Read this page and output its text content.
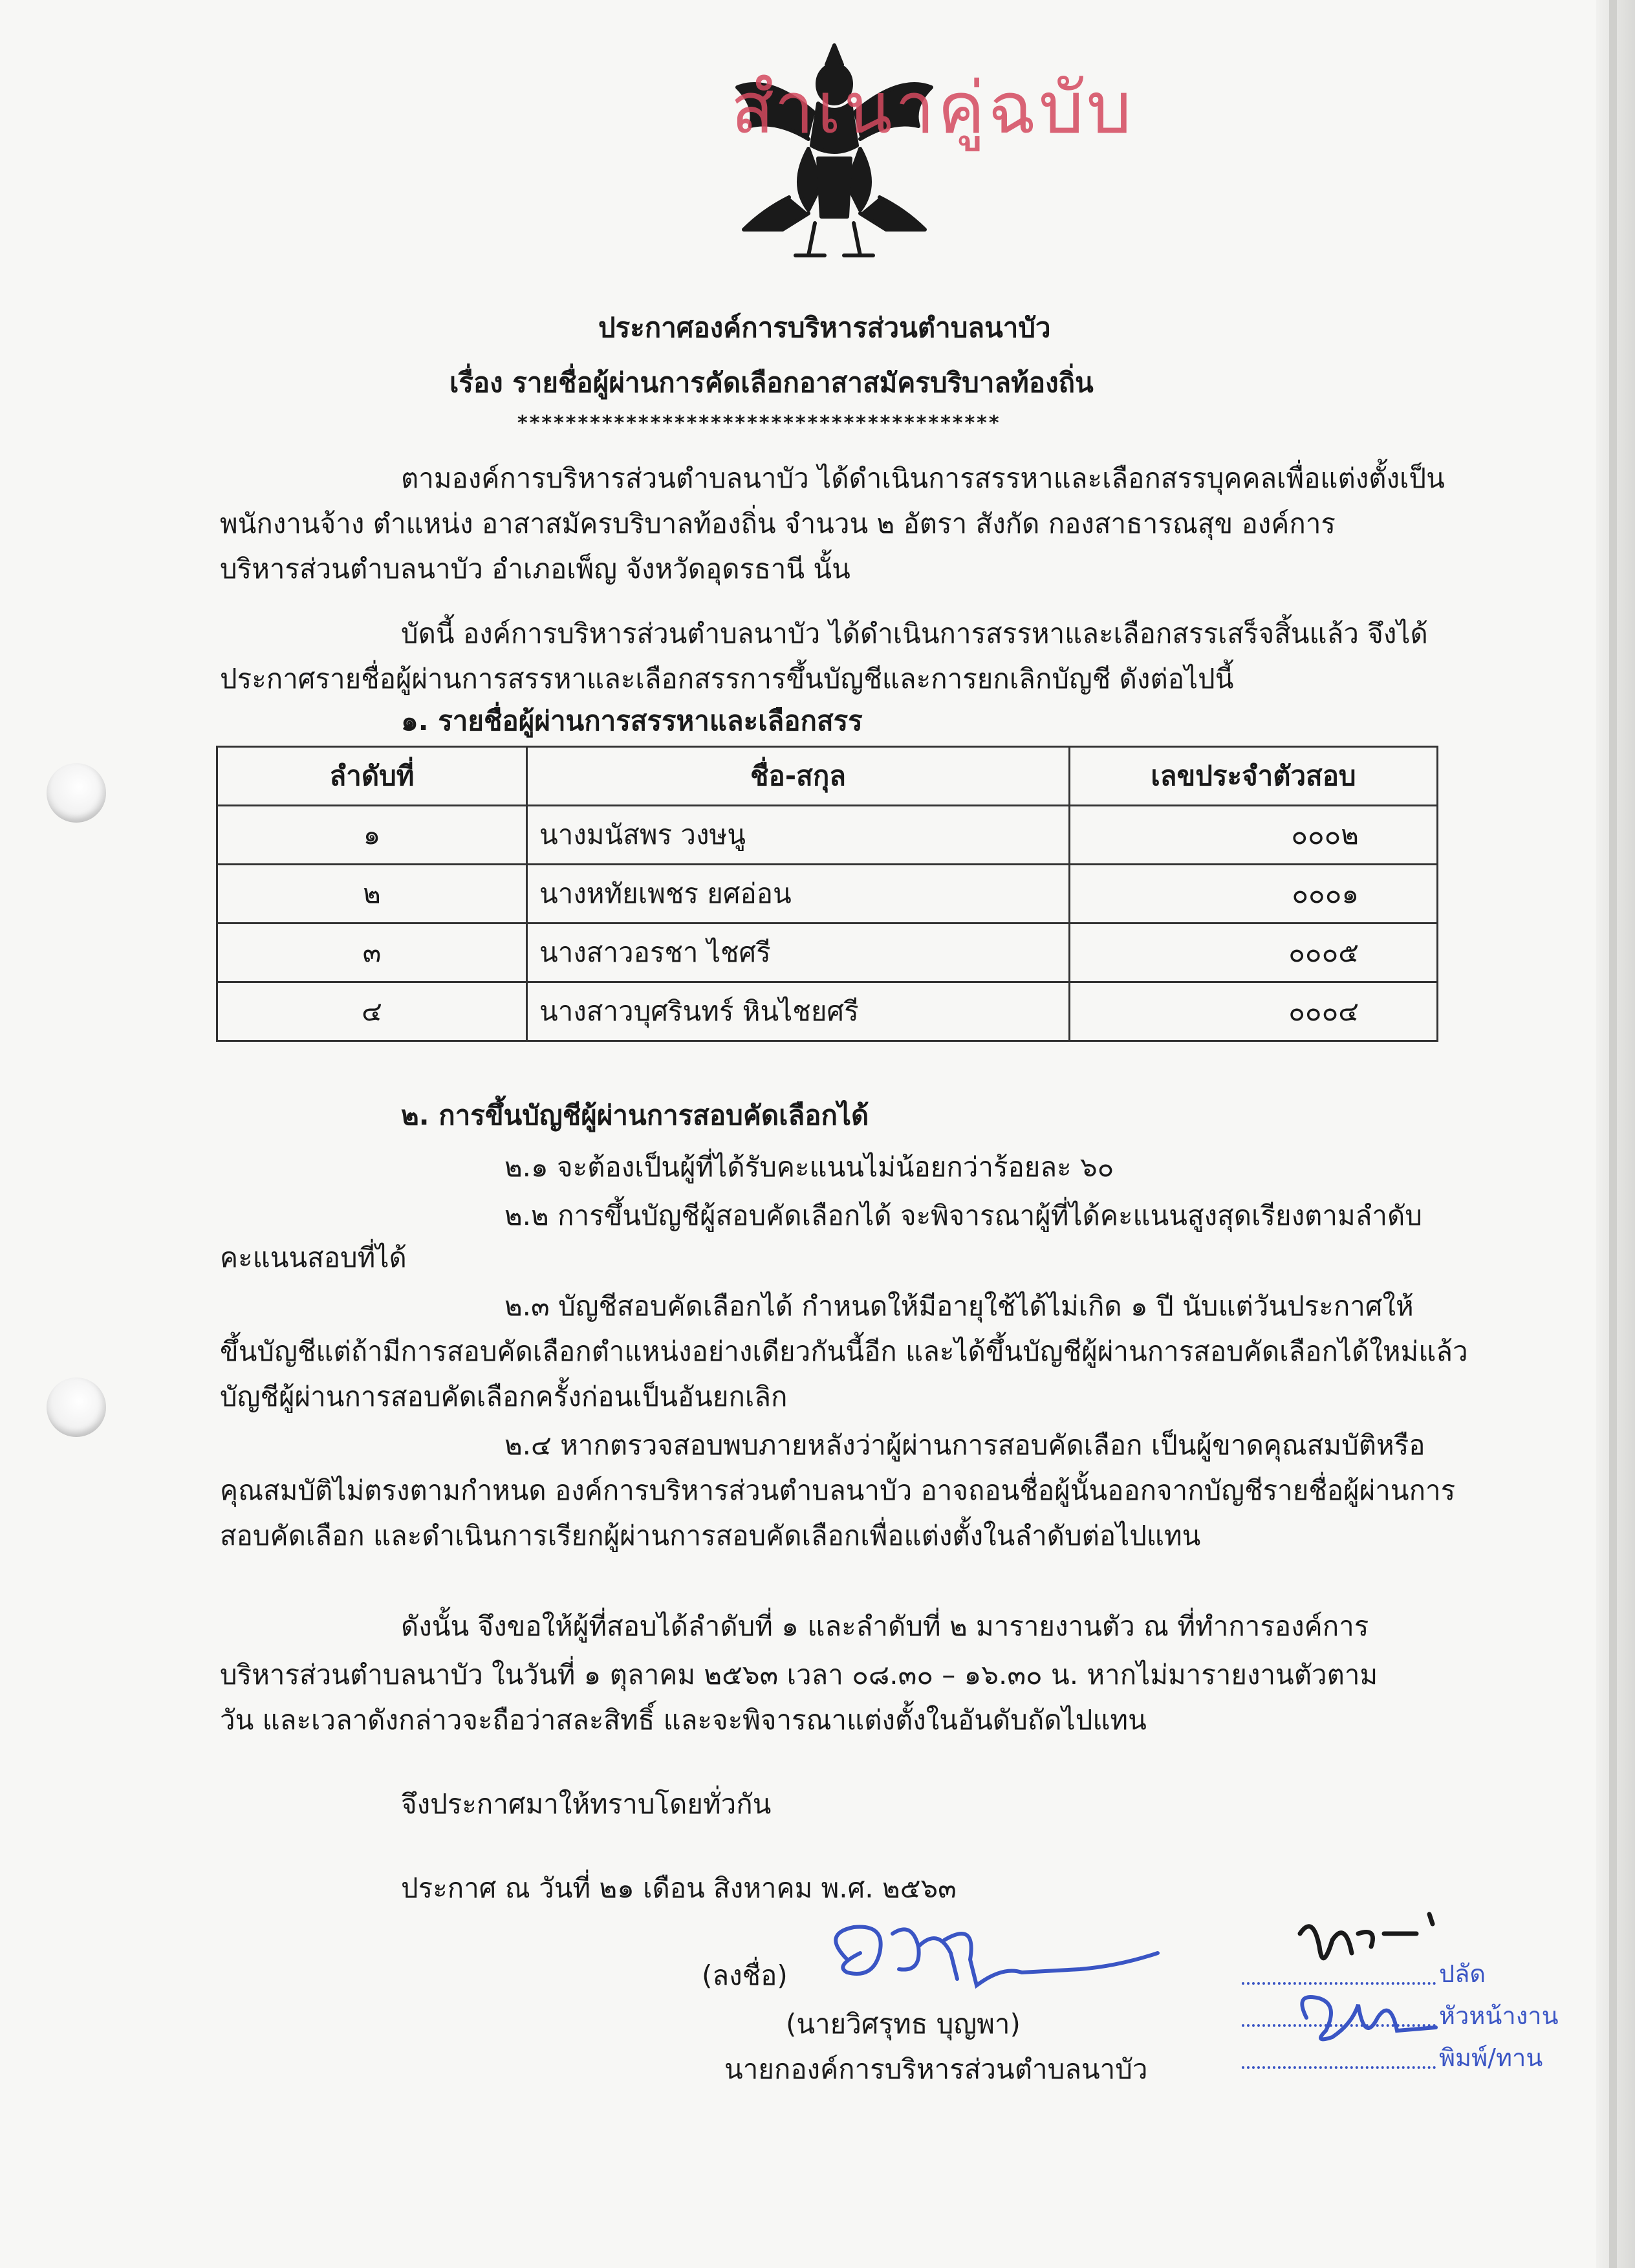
สำเนาคู่ฉบับ
ประกาศองค์การบริหารส่วนตำบลนาบัว
เรื่อง รายชื่อผู้ผ่านการคัดเลือกอาสาสมัครบริบาลท้องถิ่น
****************************************
ตามองค์การบริหารส่วนตำบลนาบัว ได้ดำเนินการสรรหาและเลือกสรรบุคคลเพื่อแต่งตั้งเป็น
พนักงานจ้าง ตำแหน่ง อาสาสมัครบริบาลท้องถิ่น จำนวน ๒ อัตรา สังกัด กองสาธารณสุข องค์การ
บริหารส่วนตำบลนาบัว อำเภอเพ็ญ จังหวัดอุดรธานี นั้น
บัดนี้ องค์การบริหารส่วนตำบลนาบัว ได้ดำเนินการสรรหาและเลือกสรรเสร็จสิ้นแล้ว จึงได้
ประกาศรายชื่อผู้ผ่านการสรรหาและเลือกสรรการขึ้นบัญชีและการยกเลิกบัญชี ดังต่อไปนี้
๑. รายชื่อผู้ผ่านการสรรหาและเลือกสรร
ลำดับที่	ชื่อ-สกุล	เลขประจำตัวสอบ
๑	นางมนัสพร วงษนู	๐๐๐๒
๒	นางหทัยเพชร ยศอ่อน	๐๐๐๑
๓	นางสาวอรชา ไชศรี	๐๐๐๕
๔	นางสาวบุศรินทร์ หินไชยศรี	๐๐๐๔
๒. การขึ้นบัญชีผู้ผ่านการสอบคัดเลือกได้
๒.๑ จะต้องเป็นผู้ที่ได้รับคะแนนไม่น้อยกว่าร้อยละ ๖๐
๒.๒ การขึ้นบัญชีผู้สอบคัดเลือกได้ จะพิจารณาผู้ที่ได้คะแนนสูงสุดเรียงตามลำดับ
คะแนนสอบที่ได้
๒.๓ บัญชีสอบคัดเลือกได้ กำหนดให้มีอายุใช้ได้ไม่เกิด ๑ ปี นับแต่วันประกาศให้
ขึ้นบัญชีแต่ถ้ามีการสอบคัดเลือกตำแหน่งอย่างเดียวกันนี้อีก และได้ขึ้นบัญชีผู้ผ่านการสอบคัดเลือกได้ใหม่แล้ว
บัญชีผู้ผ่านการสอบคัดเลือกครั้งก่อนเป็นอันยกเลิก
๒.๔ หากตรวจสอบพบภายหลังว่าผู้ผ่านการสอบคัดเลือก เป็นผู้ขาดคุณสมบัติหรือ
คุณสมบัติไม่ตรงตามกำหนด องค์การบริหารส่วนตำบลนาบัว อาจถอนชื่อผู้นั้นออกจากบัญชีรายชื่อผู้ผ่านการ
สอบคัดเลือก และดำเนินการเรียกผู้ผ่านการสอบคัดเลือกเพื่อแต่งตั้งในลำดับต่อไปแทน
ดังนั้น จึงขอให้ผู้ที่สอบได้ลำดับที่ ๑ และลำดับที่ ๒ มารายงานตัว ณ ที่ทำการองค์การ
บริหารส่วนตำบลนาบัว ในวันที่ ๑ ตุลาคม ๒๕๖๓ เวลา ๐๘.๓๐ – ๑๖.๓๐ น. หากไม่มารายงานตัวตาม
วัน และเวลาดังกล่าวจะถือว่าสละสิทธิ์ และจะพิจารณาแต่งตั้งในอันดับถัดไปแทน
จึงประกาศมาให้ทราบโดยทั่วกัน
ประกาศ ณ วันที่ ๒๑ เดือน สิงหาคม พ.ศ. ๒๕๖๓
(ลงชื่อ)
(นายวิศรุทธ บุญพา)
นายกองค์การบริหารส่วนตำบลนาบัว
ปลัด
หัวหน้างาน
พิมพ์/ทาน
